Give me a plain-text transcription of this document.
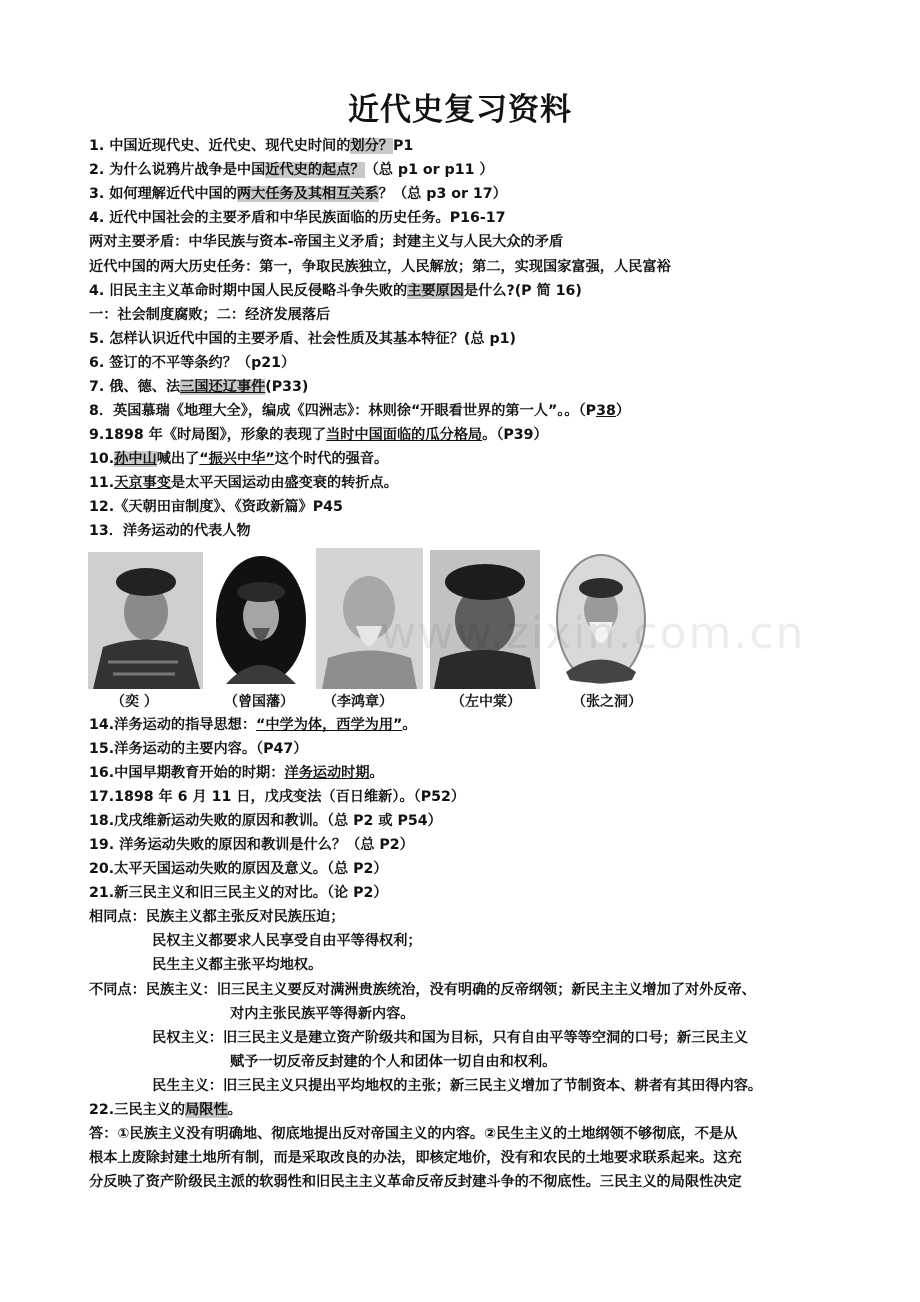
近代史复习资料
1. 中国近现代史、近代史、现代史时间的划分？P1
2. 为什么说鸦片战争是中国近代史的起点？（总 p1 or p11 ）
3. 如何理解近代中国的两大任务及其相互关系？（总 p3 or 17）
4. 近代中国社会的主要矛盾和中华民族面临的历史任务。P16-17
两对主要矛盾：中华民族与资本-帝国主义矛盾；封建主义与人民大众的矛盾
近代中国的两大历史任务：第一，争取民族独立，人民解放；第二，实现国家富强，人民富裕
4. 旧民主主义革命时期中国人民反侵略斗争失败的主要原因是什么?(P 简 16)
一：社会制度腐败；二：经济发展落后
5. 怎样认识近代中国的主要矛盾、社会性质及其基本特征？(总 p1)
6. 签订的不平等条约？（p21）
7. 俄、德、法三国还辽事件(P33)
8．英国慕瑞《地理大全》，编成《四洲志》：林则徐“开眼看世界的第一人”。。（P38）
9.1898 年《时局图》，形象的表现了当时中国面临的瓜分格局。（P39）
10.孙中山喊出了“振兴中华”这个时代的强音。
11.天京事变是太平天国运动由盛变衰的转折点。
12.《天朝田亩制度》、《资政新篇》P45
13．洋务运动的代表人物
www.zixin.com.cn
（奕 ）	（曾国藩） （李鸿章）	（左中棠）	（张之洞）
14.洋务运动的指导思想：“中学为体，西学为用”。
15.洋务运动的主要内容。（P47）
16.中国早期教育开始的时期：洋务运动时期。
17.1898 年 6 月 11 日，戊戌变法（百日维新）。（P52）
18.戊戌维新运动失败的原因和教训。（总 P2 或 P54）
19. 洋务运动失败的原因和教训是什么？（总 P2）
20.太平天国运动失败的原因及意义。（总 P2）
21.新三民主义和旧三民主义的对比。（论 P2）
相同点：民族主义都主张反对民族压迫；
民权主义都要求人民享受自由平等得权利；
民生主义都主张平均地权。
不同点：民族主义：旧三民主义要反对满洲贵族统治，没有明确的反帝纲领；新民主主义增加了对外反帝、
对内主张民族平等得新内容。
民权主义：旧三民主义是建立资产阶级共和国为目标，只有自由平等等空洞的口号；新三民主义
赋予一切反帝反封建的个人和团体一切自由和权利。
民生主义：旧三民主义只提出平均地权的主张；新三民主义增加了节制资本、耕者有其田得内容。
22.三民主义的局限性。
答：①民族主义没有明确地、彻底地提出反对帝国主义的内容。②民生主义的土地纲领不够彻底，不是从
根本上废除封建土地所有制，而是采取改良的办法，即核定地价，没有和农民的土地要求联系起来。这充
分反映了资产阶级民主派的软弱性和旧民主主义革命反帝反封建斗争的不彻底性。三民主义的局限性决定
